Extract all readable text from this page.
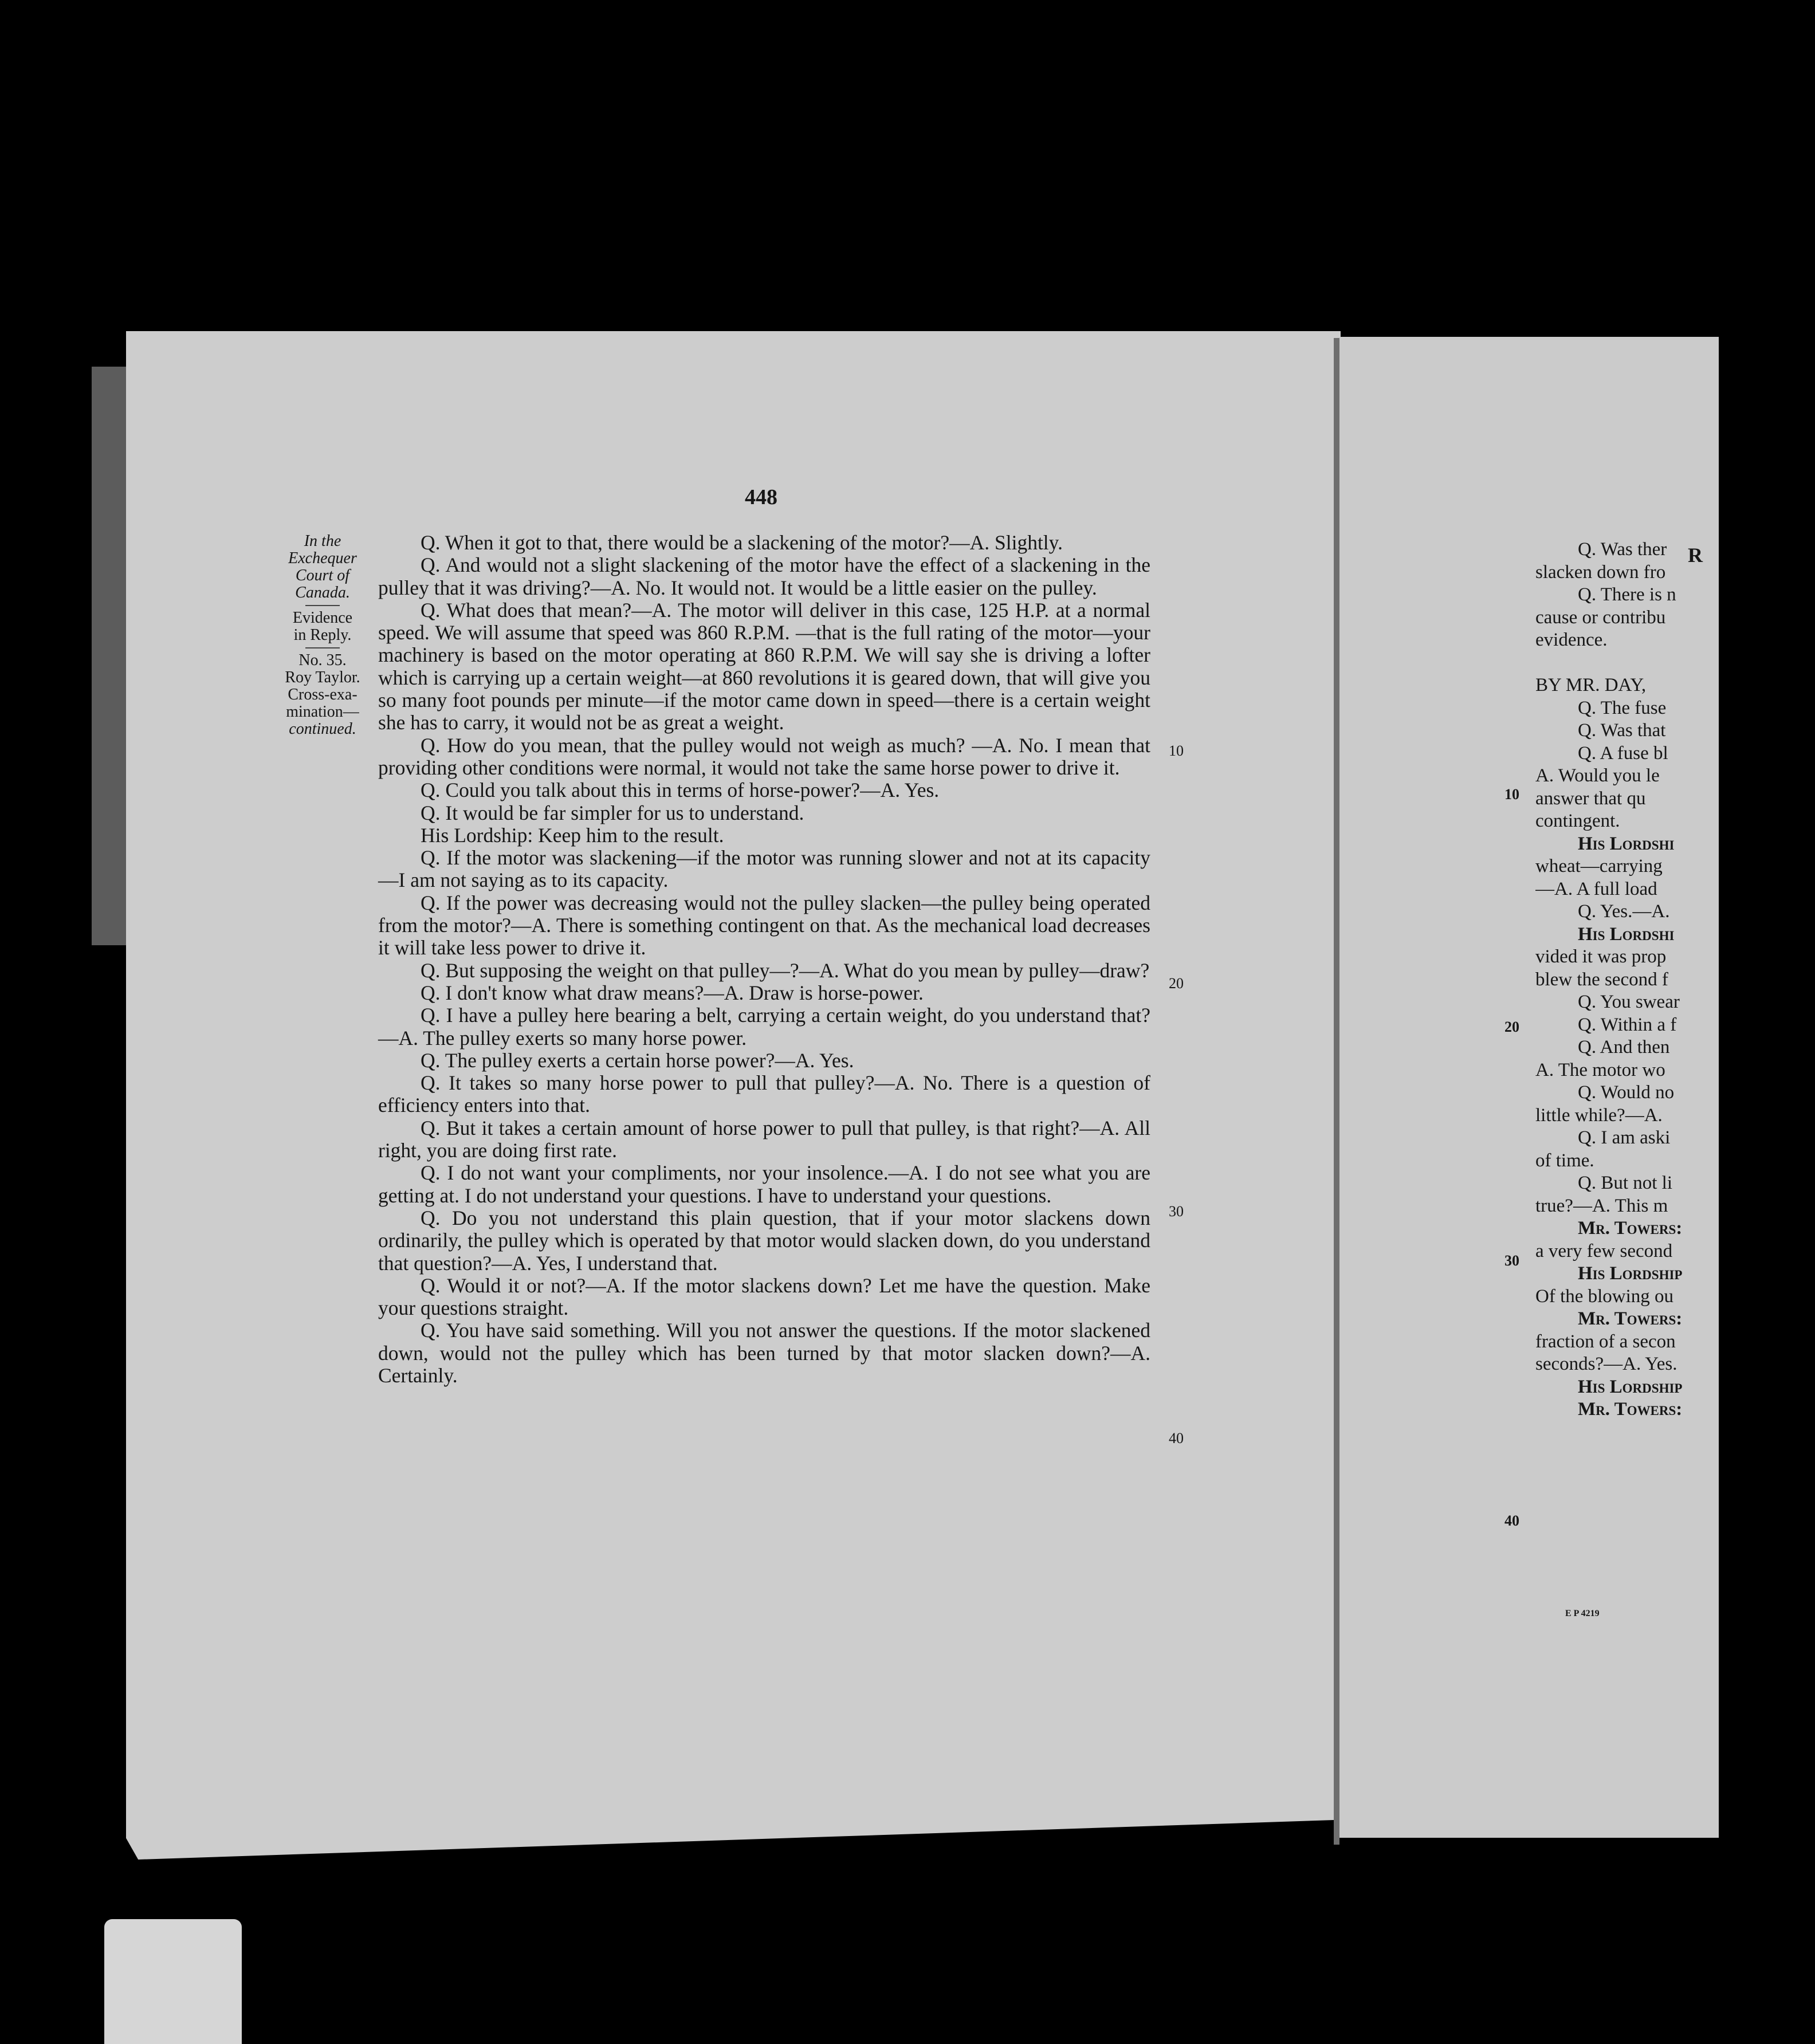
448
In the
Exchequer
Court of
Canada.
Evidence
in Reply.
No. 35.
Roy Taylor.
Cross-exa-
mination—
continued.

Q. When it got to that, there would be a slackening of the motor?—A. Slightly.

Q. And would not a slight slackening of the motor have the effect of a slackening in the pulley that it was driving?—A. No. It would not. It would be a little easier on the pulley.

Q. What does that mean?—A. The motor will deliver in this case, 125 H.P. at a normal speed. We will assume that speed was 860 R.P.M. —that is the full rating of the motor—your machinery is based on the motor operating at 860 R.P.M. We will say she is driving a lofter which is carrying up a certain weight—at 860 revolutions it is geared down, that will give you so many foot pounds per minute—if the motor came down in speed—there is a certain weight she has to carry, it would not be as great a weight.

Q. How do you mean, that the pulley would not weigh as much? —A. No. I mean that providing other conditions were normal, it would not take the same horse power to drive it.

Q. Could you talk about this in terms of horse-power?—A. Yes.

Q. It would be far simpler for us to understand.

His Lordship: Keep him to the result.

Q. If the motor was slackening—if the motor was running slower and not at its capacity—I am not saying as to its capacity.

Q. If the power was decreasing would not the pulley slacken—the pulley being operated from the motor?—A. There is something contingent on that. As the mechanical load decreases it will take less power to drive it.

Q. But supposing the weight on that pulley—?—A. What do you mean by pulley—draw?

Q. I don't know what draw means?—A. Draw is horse-power.

Q. I have a pulley here bearing a belt, carrying a certain weight, do you understand that?—A. The pulley exerts so many horse power.

Q. The pulley exerts a certain horse power?—A. Yes.

Q. It takes so many horse power to pull that pulley?—A. No. There is a question of efficiency enters into that.

Q. But it takes a certain amount of horse power to pull that pulley, is that right?—A. All right, you are doing first rate.

Q. I do not want your compliments, nor your insolence.—A. I do not see what you are getting at. I do not understand your questions. I have to understand your questions.

Q. Do you not understand this plain question, that if your motor slackens down ordinarily, the pulley which is operated by that motor would slacken down, do you understand that question?—A. Yes, I understand that.

Q. Would it or not?—A. If the motor slackens down? Let me have the question. Make your questions straight.

Q. You have said something. Will you not answer the questions. If the motor slackened down, would not the pulley which has been turned by that motor slacken down?—A. Certainly.

10
20
30
40
R
Q. Was ther
slacken down fro
Q. There is n
cause or contribu
evidence.
BY MR. DAY,
Q. The fuse
Q. Was that
Q. A fuse bl
A. Would you le
answer that qu
contingent.
His Lordshi
wheat—carrying
—A. A full load
Q. Yes.—A.
His Lordshi
vided it was prop
blew the second f
Q. You swear
Q. Within a f
Q. And then
A. The motor wo
Q. Would no
little while?—A.
Q. I am aski
of time.
Q. But not li
true?—A. This m
Mr. Towers:
a very few second
His Lordship
Of the blowing ou
Mr. Towers:
fraction of a secon
seconds?—A. Yes.
His Lordship
Mr. Towers:
10
20
30
40
E P 4219
